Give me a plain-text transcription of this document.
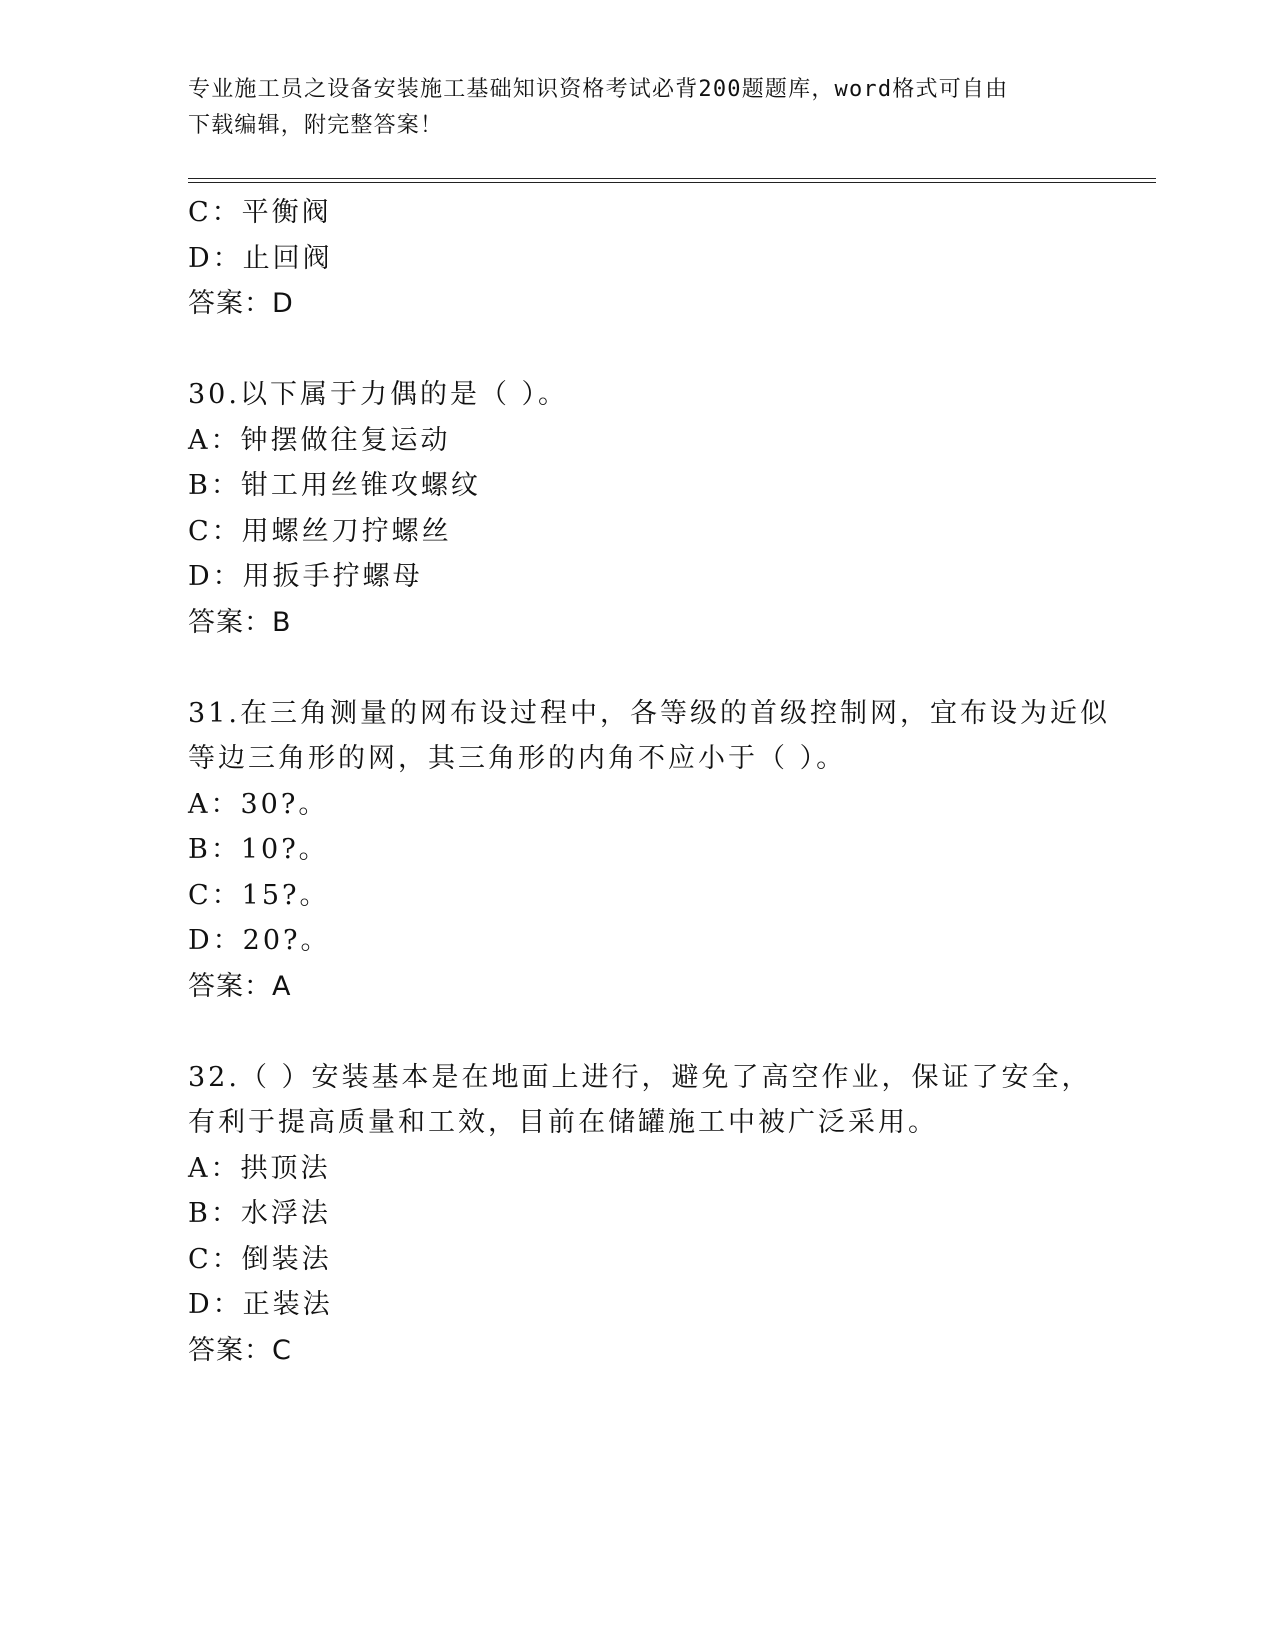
专业施工员之设备安装施工基础知识资格考试必背200题题库，word格式可自由
下载编辑，附完整答案！
C：平衡阀
D：止回阀
答案：D
30.以下属于力偶的是（ ）。
A：钟摆做往复运动
B：钳工用丝锥攻螺纹
C：用螺丝刀拧螺丝
D：用扳手拧螺母
答案：B
31.在三角测量的网布设过程中，各等级的首级控制网，宜布设为近似
等边三角形的网，其三角形的内角不应小于（ ）。
A：30?。
B：10?。
C：15?。
D：20?。
答案：A
32.（ ）安装基本是在地面上进行，避免了高空作业，保证了安全，
有利于提高质量和工效，目前在储罐施工中被广泛采用。
A：拱顶法
B：水浮法
C：倒装法
D：正装法
答案：C
